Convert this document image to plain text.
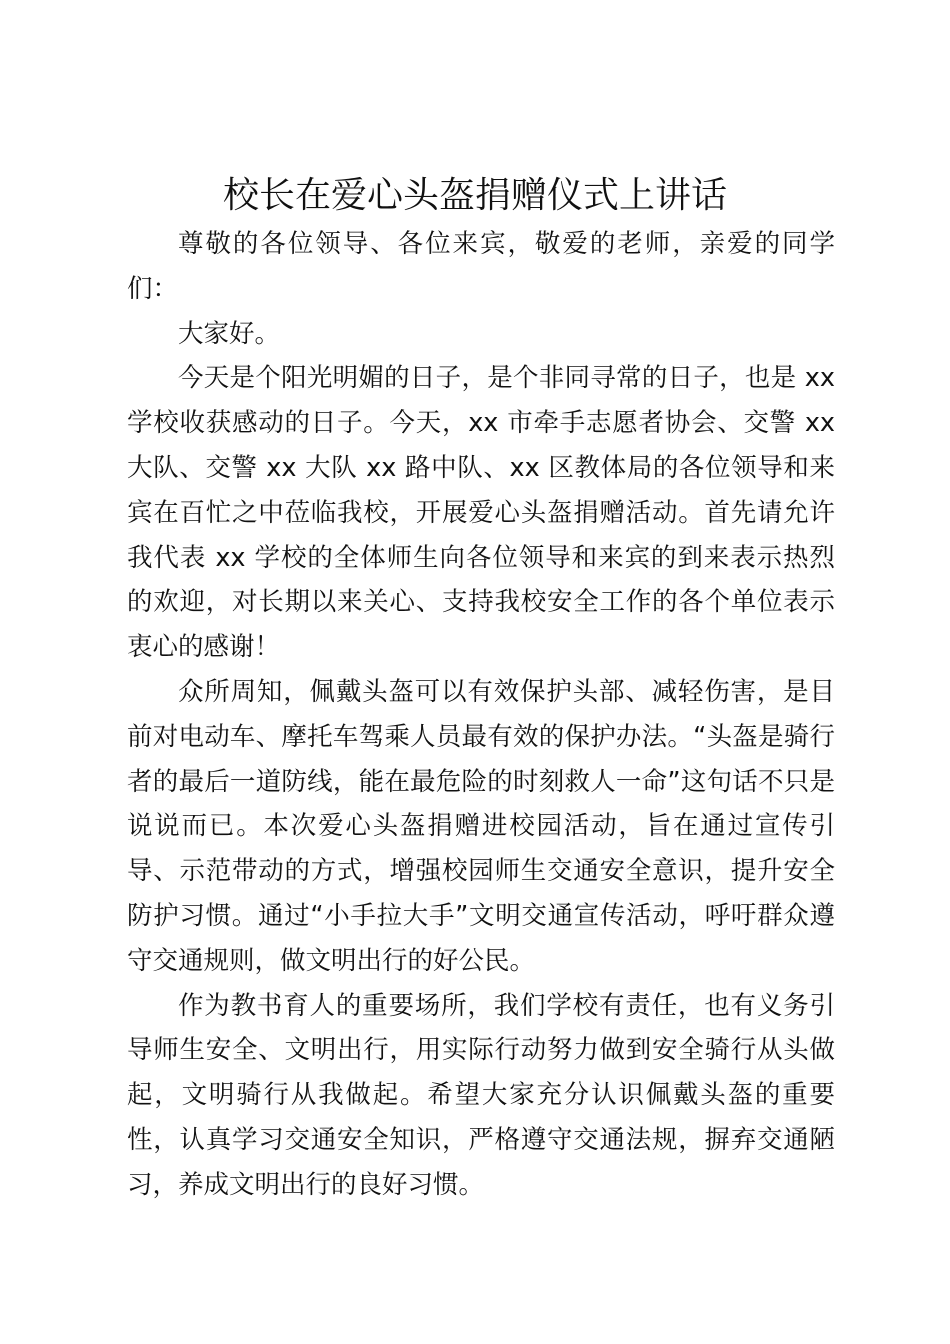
校长在爱心头盔捐赠仪式上讲话

尊敬的各位领导、各位来宾，敬爱的老师，亲爱的同学们：

大家好。

今天是个阳光明媚的日子，是个非同寻常的日子，也是 xx 学校收获感动的日子。今天，xx 市牵手志愿者协会、交警 xx 大队、交警 xx 大队 xx 路中队、xx 区教体局的各位领导和来宾在百忙之中莅临我校，开展爱心头盔捐赠活动。首先请允许我代表 xx 学校的全体师生向各位领导和来宾的到来表示热烈的欢迎，对长期以来关心、支持我校安全工作的各个单位表示衷心的感谢！

众所周知，佩戴头盔可以有效保护头部、减轻伤害，是目前对电动车、摩托车驾乘人员最有效的保护办法。“头盔是骑行者的最后一道防线，能在最危险的时刻救人一命”这句话不只是说说而已。本次爱心头盔捐赠进校园活动，旨在通过宣传引导、示范带动的方式，增强校园师生交通安全意识，提升安全防护习惯。通过“小手拉大手”文明交通宣传活动，呼吁群众遵守交通规则，做文明出行的好公民。

作为教书育人的重要场所，我们学校有责任，也有义务引导师生安全、文明出行，用实际行动努力做到安全骑行从头做起，文明骑行从我做起。希望大家充分认识佩戴头盔的重要性，认真学习交通安全知识，严格遵守交通法规，摒弃交通陋习，养成文明出行的良好习惯。
